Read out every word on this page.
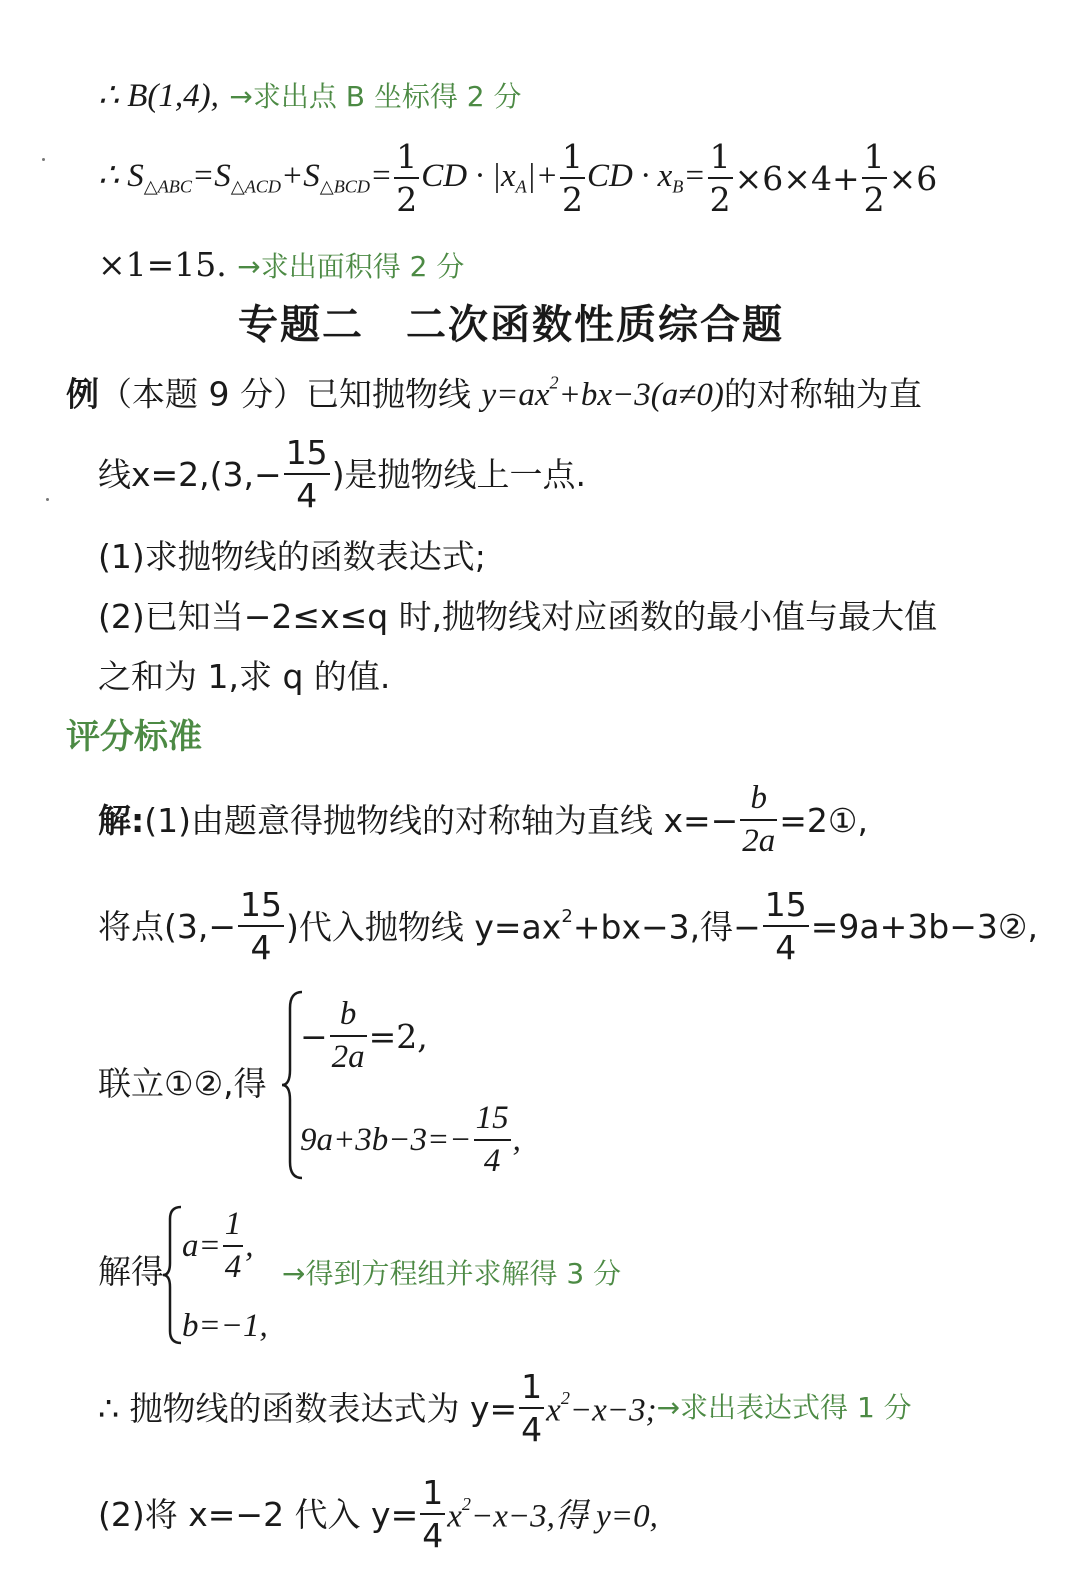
∴ B(1,4), →求出点 B 坐标得 2 分
∴ $S_{\triangle ABC}=S_{\triangle ACD}+S_{\triangle BCD}= \frac{1}{2}$ CD · $|x_A|+ \frac{1}{2}$ CD · $x_B= \frac{1}{2} \times 6\times 4+ \frac{1}{2} \times 6$
×1=15. →求出面积得 2 分
专题二　二次函数性质综合题
例（本题 9 分）已知抛物线 $y=ax^2+bx-3(a\ne 0)$的对称轴为直
线$x=2,(3,- \frac{15}{4}$ )是抛物线上一点.
(1)求抛物线的函数表达式;
(2)已知当−2≤x≤q 时,抛物线对应函数的最小值与最大值
之和为 1,求 q 的值.
评分标准
解:(1)由题意得抛物线的对称轴为直线 $x=- \frac{b}{2a}$ =2①,
将点($3,- \frac{15}{4}$ )代入抛物线 $y=ax^2+bx-3$,得− $\frac{15}{4}$ =9a+3b−3②,
联立①②,得
− $\frac{b}{2a} =2$,
$9a+3b-3=- \frac{15}{4}$ ,
解得
$a= \frac{1}{4}$ ,
→得到方程组并求解得 3 分
b=−1,
∴ 抛物线的函数表达式为 $y= \frac{1}{4}$ $x^2-x-3;\to$求出表达式得 1 分
(2)将 x=−2 代入 $y= \frac{1}{4} x^2-x-3$,得 y=0,
